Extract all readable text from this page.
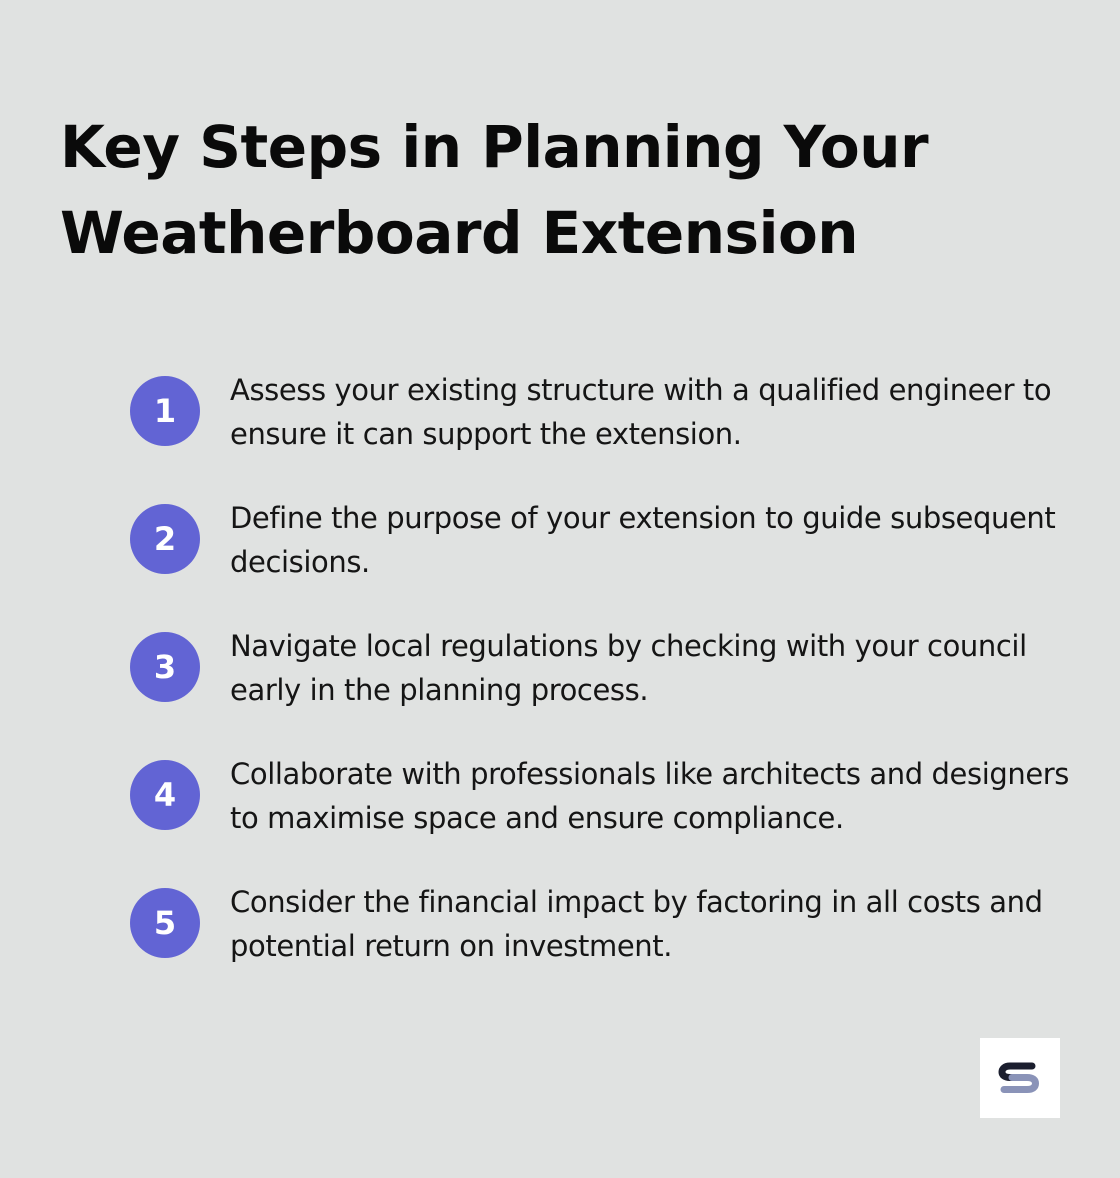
Key Steps in Planning Your Weatherboard Extension
1

Assess your existing structure with a qualified engineer to ensure it can support the extension.

2

Define the purpose of your extension to guide subsequent decisions.

3

Navigate local regulations by checking with your council early in the planning process.

4

Collaborate with professionals like architects and designers to maximise space and ensure compliance.

5

Consider the financial impact by factoring in all costs and potential return on investment.
